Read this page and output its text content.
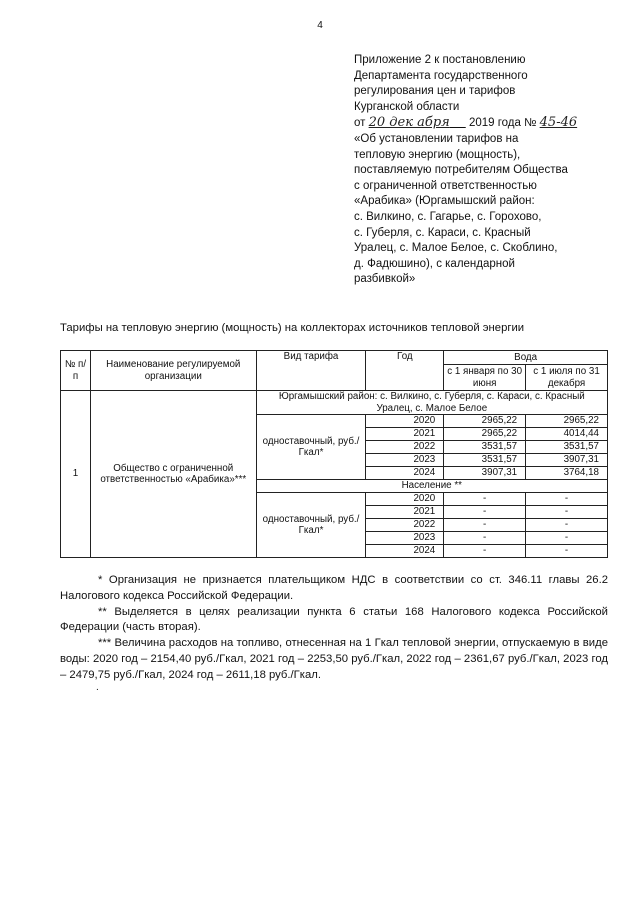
4
Приложение 2 к постановлению
Департамента государственного
регулирования цен и тарифов
Курганской области
от 20 дек абря 2019 года № 45-46
«Об установлении тарифов на
тепловую энергию (мощность),
поставляемую потребителям Общества
с ограниченной ответственностью
«Арабика» (Юргамышский район:
с. Вилкино, с. Гагарье, с. Горохово,
с. Губерля, с. Караси, с. Красный
Уралец, с. Малое Белое, с. Скоблино,
д. Фадюшино), с календарной
разбивкой»
Тарифы на тепловую энергию (мощность) на коллекторах источников тепловой энергии
№ п/п	Наименование регулируемой организации	Вид тарифа	Год	Вода	
				с 1 января по 30 июня	с 1 июля по 31 декабря
1	Общество с ограниченной ответственностью «Арабика»***	Юргамышский район: с. Вилкино, с. Губерля, с. Караси, с. Красный Уралец, с. Малое Белое			
		одноставочный, руб./Гкал*	2020	2965,22	2965,22
			2021	2965,22	4014,44
			2022	3531,57	3531,57
			2023	3531,57	3907,31
			2024	3907,31	3764,18
		Население **			
		одноставочный, руб./Гкал*	2020	-	-
			2021	-	-
			2022	-	-
			2023	-	-
			2024	-	-

* Организация не признается плательщиком НДС в соответствии со ст. 346.11 главы 26.2 Налогового кодекса Российской Федерации.

** Выделяется в целях реализации пункта 6 статьи 168 Налогового кодекса Российской Федерации (часть вторая).

*** Величина расходов на топливо, отнесенная на 1 Гкал тепловой энергии, отпускаемую в виде воды: 2020 год – 2154,40 руб./Гкал, 2021 год – 2253,50 руб./Гкал, 2022 год – 2361,67 руб./Гкал, 2023 год – 2479,75 руб./Гкал, 2024 год – 2611,18 руб./Гкал.

.
